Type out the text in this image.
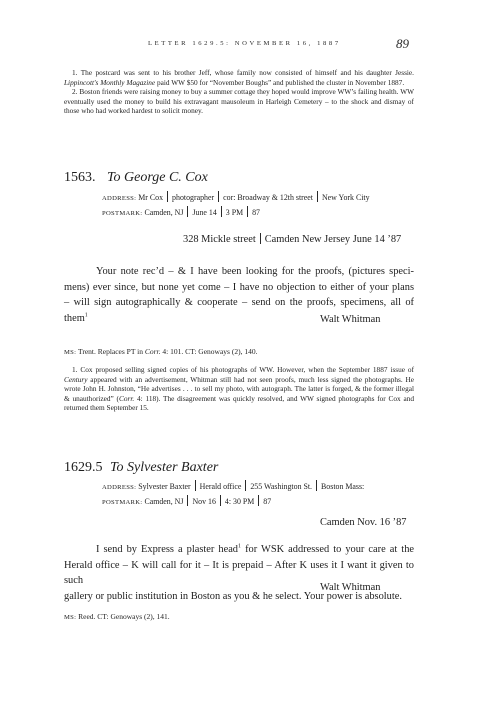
LETTER 1629.5: NOVEMBER 16, 1887	89

1. The postcard was sent to his brother Jeff, whose family now consisted of himself and his daughter Jessie. Lippincott's Monthly Magazine paid WW $50 for “November Boughs” and published the cluster in November 1887.

2. Boston friends were raising money to buy a summer cottage they hoped would improve WW’s failing health. WW eventually used the money to build his extravagant mausoleum in Harleigh Cemetery – to the shock and dismay of those who had worked hardest to solicit money.

1563. To George C. Cox
ADDRESS: Mr Cox photographer cor: Broadway & 12th street New York City
POSTMARK: Camden, NJ June 14 3 PM 87
328 Mickle street Camden New Jersey June 14 ’87
Your note rec’d – & I have been looking for the proofs, (pictures speci-
mens) ever since, but none yet come – I have no objection to either of your plans
– will sign autographically & cooperate – send on the proofs, specimens, all of
them$^1$	Walt Whitman
MS: Trent. Replaces PT in Corr. 4: 101. CT: Genoways (2), 140.

1. Cox proposed selling signed copies of his photographs of WW. However, when the September 1887 issue of Century appeared with an advertisement, Whitman still had not seen proofs, much less signed the photographs. He wrote John H. Johnston, “He advertises . . . to sell my photo, with autograph. The latter is forged, & the former illegal & unauthorized” (Corr. 4: 118). The disagreement was quickly resolved, and WW signed photographs for Cox and returned them September 15.

1629.5 To Sylvester Baxter
ADDRESS: Sylvester Baxter Herald office 255 Washington St. Boston Mass:
POSTMARK: Camden, NJ Nov 16 4: 30 PM 87
Camden Nov. 16 ’87
I send by Express a plaster head$^1$ for WSK addressed to your care at the
Herald office – K will call for it – It is prepaid – After K uses it I want it given to such
gallery or public institution in Boston as you & he select. Your power is absolute.
Walt Whitman
MS: Reed. CT: Genoways (2), 141.
